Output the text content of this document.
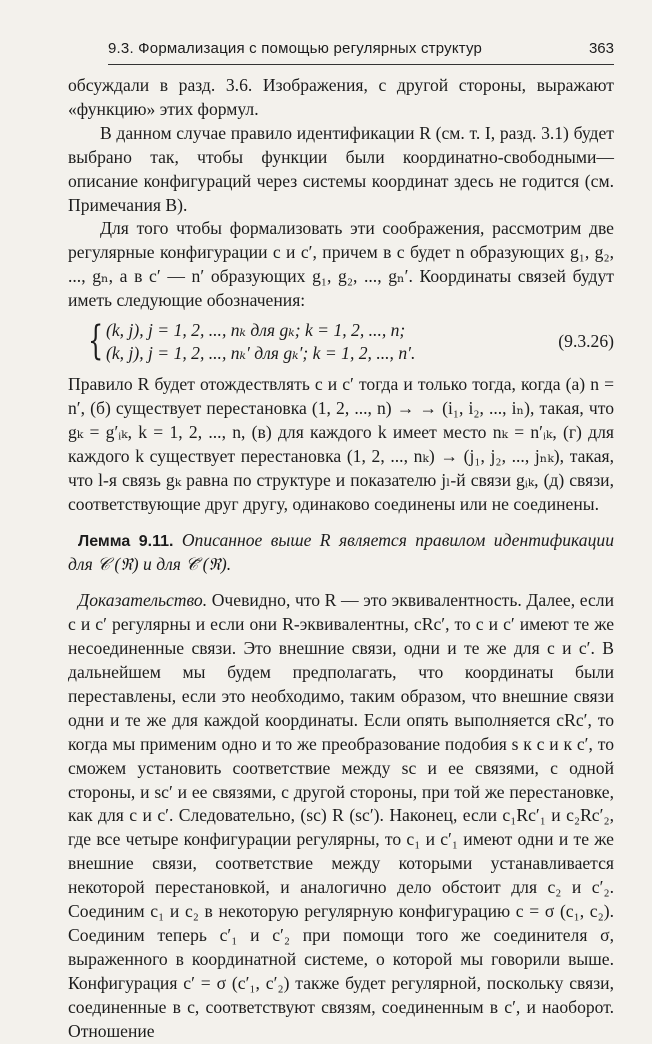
9.3. Формализация с помощью регулярных структур	363

обсуждали в разд. 3.6. Изображения, с другой стороны, выражают «функцию» этих формул.

В данном случае правило идентификации R (см. т. I, разд. 3.1) будет выбрано так, чтобы функции были координатно-свободными— описание конфигураций через системы координат здесь не годится (см. Примечания В).

Для того чтобы формализовать эти соображения, рассмотрим две регулярные конфигурации c и c′, причем в c будет n образующих g₁, g₂, ..., gₙ, а в c′ — n′ образующих g₁, g₂, ..., gₙ′. Координаты связей будут иметь следующие обозначения:

{ (k, j), j = 1, 2, ..., nₖ для gₖ; k = 1, 2, ..., n;
(k, j), j = 1, 2, ..., nₖ′ для gₖ′; k = 1, 2, ..., n′.
(9.3.26)

Правило R будет отождествлять c и c′ тогда и только тогда, когда (а) n = n′, (б) существует перестановка (1, 2, ..., n) → → (i₁, i₂, ..., iₙ), такая, что gₖ = g′ᵢₖ, k = 1, 2, ..., n, (в) для каждого k имеет место nₖ = n′ᵢₖ, (г) для каждого k существует перестановка (1, 2, ..., nₖ) → (j₁, j₂, ..., jₙₖ), такая, что l-я связь gₖ равна по структуре и показателю jₗ-й связи gᵢₖ, (д) связи, соответствующие друг другу, одинаково соединены или не соединены.

Лемма 9.11. Описанное выше R является правилом идентификации для 𝒞 (ℜ) и для 𝒞̄ (ℜ).

Доказательство. Очевидно, что R — это эквивалентность. Далее, если c и c′ регулярны и если они R-эквивалентны, cRc′, то c и c′ имеют те же несоединенные связи. Это внешние связи, одни и те же для c и c′. В дальнейшем мы будем предполагать, что координаты были переставлены, если это необходимо, таким образом, что внешние связи одни и те же для каждой координаты. Если опять выполняется cRc′, то когда мы применим одно и то же преобразование подобия s к c и к c′, то сможем установить соответствие между sc и ее связями, с одной стороны, и sc′ и ее связями, с другой стороны, при той же перестановке, как для c и c′. Следовательно, (sc) R (sc′). Наконец, если c₁Rc′₁ и c₂Rc′₂, где все четыре конфигурации регулярны, то c₁ и c′₁ имеют одни и те же внешние связи, соответствие между которыми устанавливается некоторой перестановкой, и аналогично дело обстоит для c₂ и c′₂. Соединим c₁ и c₂ в некоторую регулярную конфигурацию c = σ (c₁, c₂). Соединим теперь c′₁ и c′₂ при помощи того же соединителя σ, выраженного в координатной системе, о которой мы говорили выше. Конфигурация c′ = σ (c′₁, c′₂) также будет регулярной, поскольку связи, соединенные в c, соответствуют связям, соединенным в c′, и наоборот. Отношение
